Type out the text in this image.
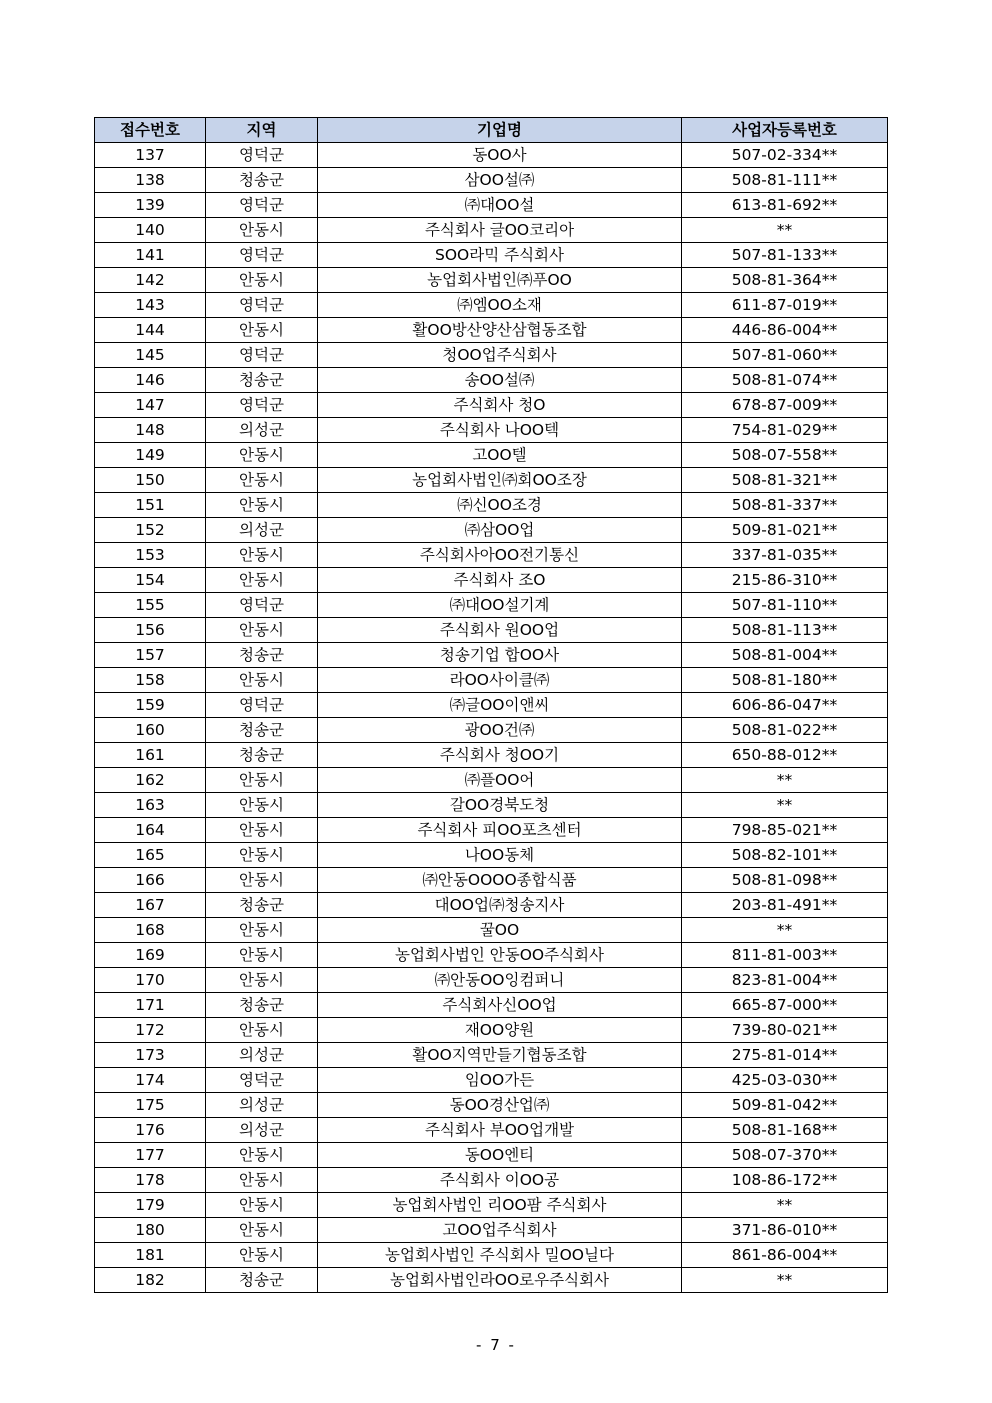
접수번호	지역	기업명	사업자등록번호
137	영덕군	동OO사	507-02-334**
138	청송군	삼OO설㈜	508-81-111**
139	영덕군	㈜대OO설	613-81-692**
140	안동시	주식회사 글OO코리아	**
141	영덕군	SOO라믹 주식회사	507-81-133**
142	안동시	농업회사법인㈜푸OO	508-81-364**
143	영덕군	㈜엠OO소재	611-87-019**
144	안동시	활OO방산양산삼협동조합	446-86-004**
145	영덕군	청OO업주식회사	507-81-060**
146	청송군	송OO설㈜	508-81-074**
147	영덕군	주식회사 청O	678-87-009**
148	의성군	주식회사 나OO텍	754-81-029**
149	안동시	고OO텔	508-07-558**
150	안동시	농업회사법인㈜회OO조장	508-81-321**
151	안동시	㈜신OO조경	508-81-337**
152	의성군	㈜삼OO업	509-81-021**
153	안동시	주식회사아OO전기통신	337-81-035**
154	안동시	주식회사 조O	215-86-310**
155	영덕군	㈜대OO설기계	507-81-110**
156	안동시	주식회사 원OO업	508-81-113**
157	청송군	청송기업 합OO사	508-81-004**
158	안동시	라OO사이클㈜	508-81-180**
159	영덕군	㈜글OO이앤씨	606-86-047**
160	청송군	광OO건㈜	508-81-022**
161	청송군	주식회사 청OO기	650-88-012**
162	안동시	㈜플OO어	**
163	안동시	갈OO경북도청	**
164	안동시	주식회사 피OO포츠센터	798-85-021**
165	안동시	나OO동체	508-82-101**
166	안동시	㈜안동OOOO종합식품	508-81-098**
167	청송군	대OO업㈜청송지사	203-81-491**
168	안동시	꿀OO	**
169	안동시	농업회사법인 안동OO주식회사	811-81-003**
170	안동시	㈜안동OO잉컴퍼니	823-81-004**
171	청송군	주식회사신OO업	665-87-000**
172	안동시	재OO양원	739-80-021**
173	의성군	활OO지역만들기협동조합	275-81-014**
174	영덕군	임OO가든	425-03-030**
175	의성군	동OO경산업㈜	509-81-042**
176	의성군	주식회사 부OO업개발	508-81-168**
177	안동시	동OO엔티	508-07-370**
178	안동시	주식회사 이OO공	108-86-172**
179	안동시	농업회사법인 리OO팜 주식회사	**
180	안동시	고OO업주식회사	371-86-010**
181	안동시	농업회사법인 주식회사 밀OO닐다	861-86-004**
182	청송군	농업회사법인라OO로우주식회사	**
- 7 -
